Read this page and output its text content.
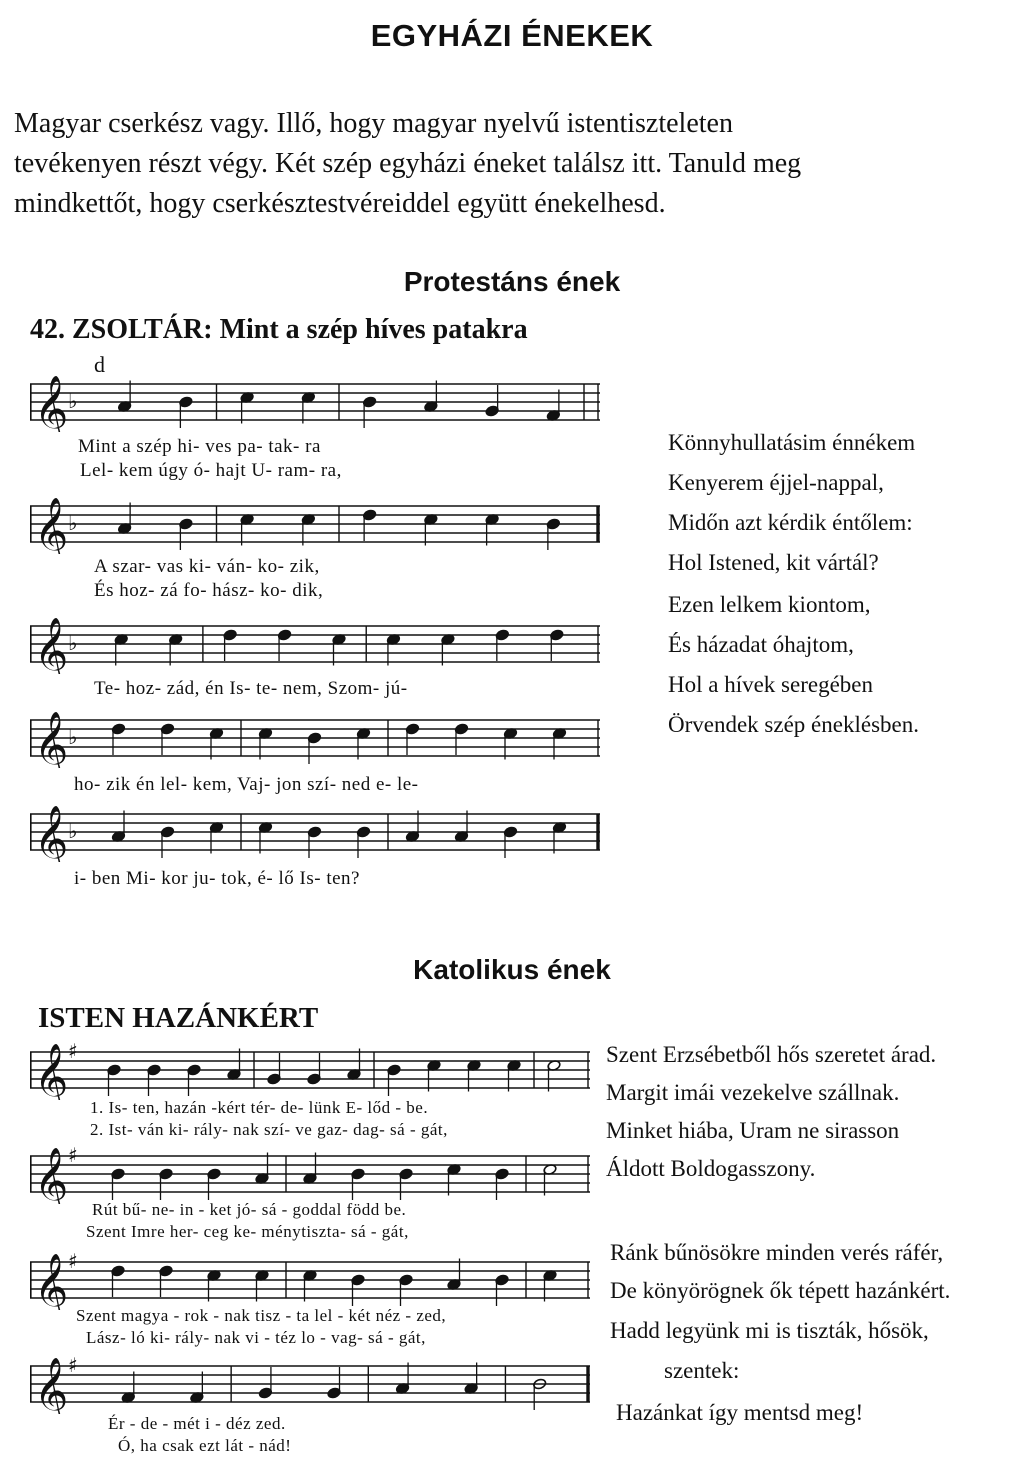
EGYHÁZI ÉNEKEK
Magyar cserkész vagy. Illő, hogy magyar nyelvű istentiszteleten
tevékenyen részt végy. Két szép egyházi éneket találsz itt. Tanuld meg
mindkettőt, hogy cserkésztestvéreiddel együtt énekelhesd.
Protestáns ének
42. ZSOLTÁR: Mint a szép híves patakra
d
𝄞 ♭
𝄞 ♭
𝄞 ♭
𝄞 ♭
𝄞 ♭
Mint a szép hi- ves pa- tak- ra
Lel- kem úgy ó- hajt U- ram- ra,
A szar- vas ki- ván- ko- zik,
És hoz- zá fo- hász- ko- dik,
Te- hoz- zád, én Is- te- nem, Szom- jú-
ho- zik én lel- kem, Vaj- jon szí- ned e- le-
i- ben Mi- kor ju- tok, é- lő Is- ten?
Könnyhullatásim énnékem
Kenyerem éjjel-nappal,
Midőn azt kérdik éntőlem:
Hol Istened, kit vártál?
Ezen lelkem kiontom,
És házadat óhajtom,
Hol a hívek seregében
Örvendek szép éneklésben.
Katolikus ének
ISTEN HAZÁNKÉRT
𝄞 ♯
𝄞 ♯
𝄞 ♯
𝄞 ♯
1. Is- ten, hazán -kért tér- de- lünk E- lőd - be.
2. Ist- ván ki- rály- nak szí- ve gaz- dag- sá - gát,
Rút bű- ne- in - ket jó- sá - goddal född be.
Szent Imre her- ceg ke- ménytiszta- sá - gát,
Szent magya - rok - nak tisz - ta lel - két néz - zed,
Lász- ló ki- rály- nak vi - téz lo - vag- sá - gát,
Ér - de - mét i - déz zed.
Ó, ha csak ezt lát - nád!
Szent Erzsébetből hős szeretet árad.
Margit imái vezekelve szállnak.
Minket hiába, Uram ne sirasson
Áldott Boldogasszony.
Ránk bűnösökre minden verés ráfér,
De könyörögnek ők tépett hazánkért.
Hadd legyünk mi is tiszták, hősök,
szentek:
Hazánkat így mentsd meg!
